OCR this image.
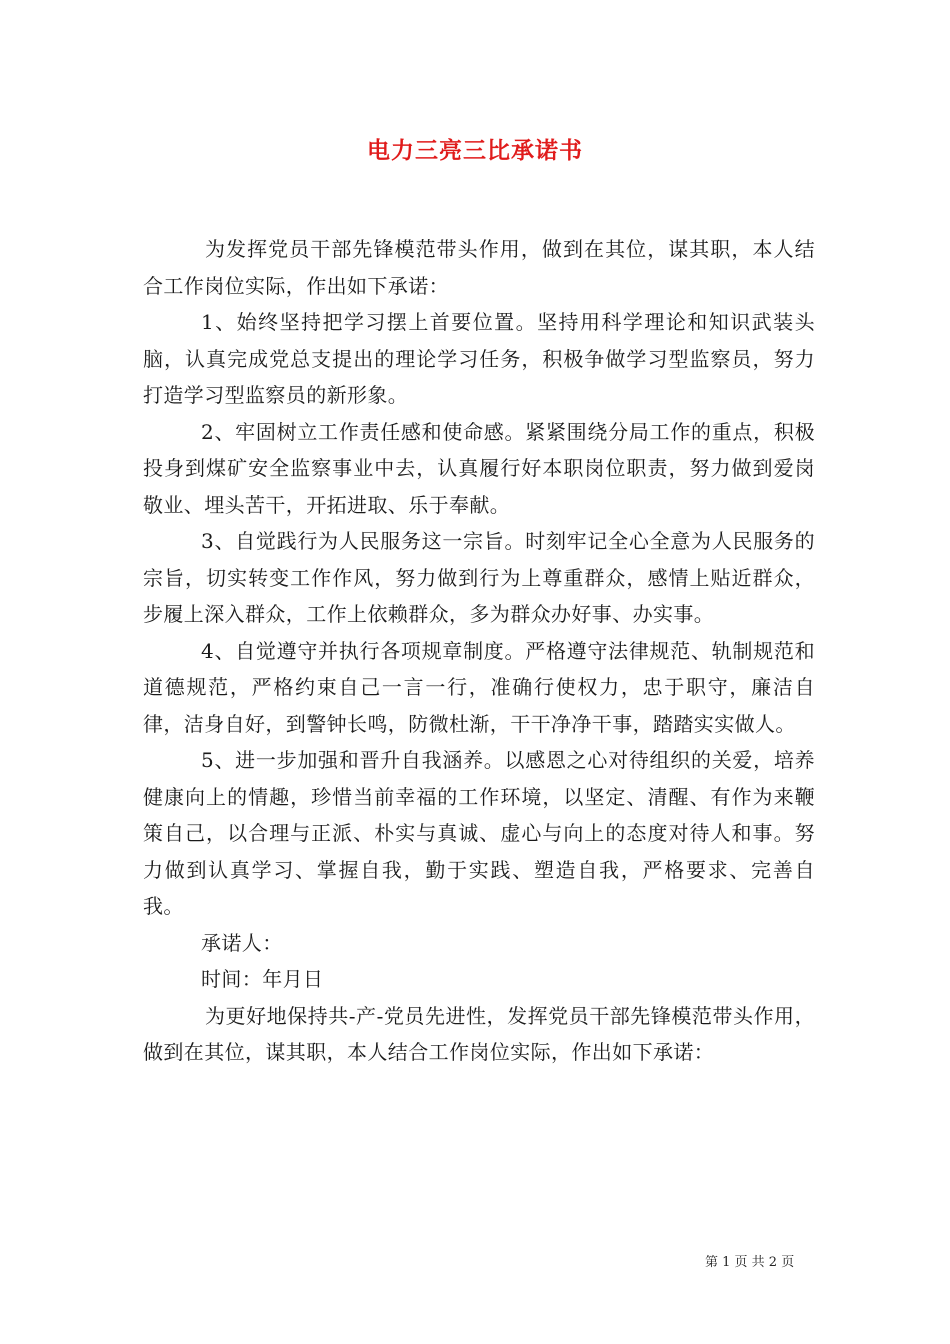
电力三亮三比承诺书

为发挥党员干部先锋模范带头作用，做到在其位，谋其职，本人结合工作岗位实际，作出如下承诺：

1、始终坚持把学习摆上首要位置。坚持用科学理论和知识武装头脑，认真完成党总支提出的理论学习任务，积极争做学习型监察员，努力打造学习型监察员的新形象。

2、牢固树立工作责任感和使命感。紧紧围绕分局工作的重点，积极投身到煤矿安全监察事业中去，认真履行好本职岗位职责，努力做到爱岗敬业、埋头苦干，开拓进取、乐于奉献。

3、自觉践行为人民服务这一宗旨。时刻牢记全心全意为人民服务的宗旨，切实转变工作作风，努力做到行为上尊重群众，感情上贴近群众，步履上深入群众，工作上依赖群众，多为群众办好事、办实事。

4、自觉遵守并执行各项规章制度。严格遵守法律规范、轨制规范和道德规范，严格约束自己一言一行，准确行使权力，忠于职守，廉洁自律，洁身自好，到警钟长鸣，防微杜渐，干干净净干事，踏踏实实做人。

5、进一步加强和晋升自我涵养。以感恩之心对待组织的关爱，培养健康向上的情趣，珍惜当前幸福的工作环境，以坚定、清醒、有作为来鞭策自己，以合理与正派、朴实与真诚、虚心与向上的态度对待人和事。努力做到认真学习、掌握自我，勤于实践、塑造自我，严格要求、完善自我。

承诺人：

时间：年月日

为更好地保持共-产-党员先进性，发挥党员干部先锋模范带头作用，做到在其位，谋其职，本人结合工作岗位实际，作出如下承诺：

第 1 页 共 2 页
